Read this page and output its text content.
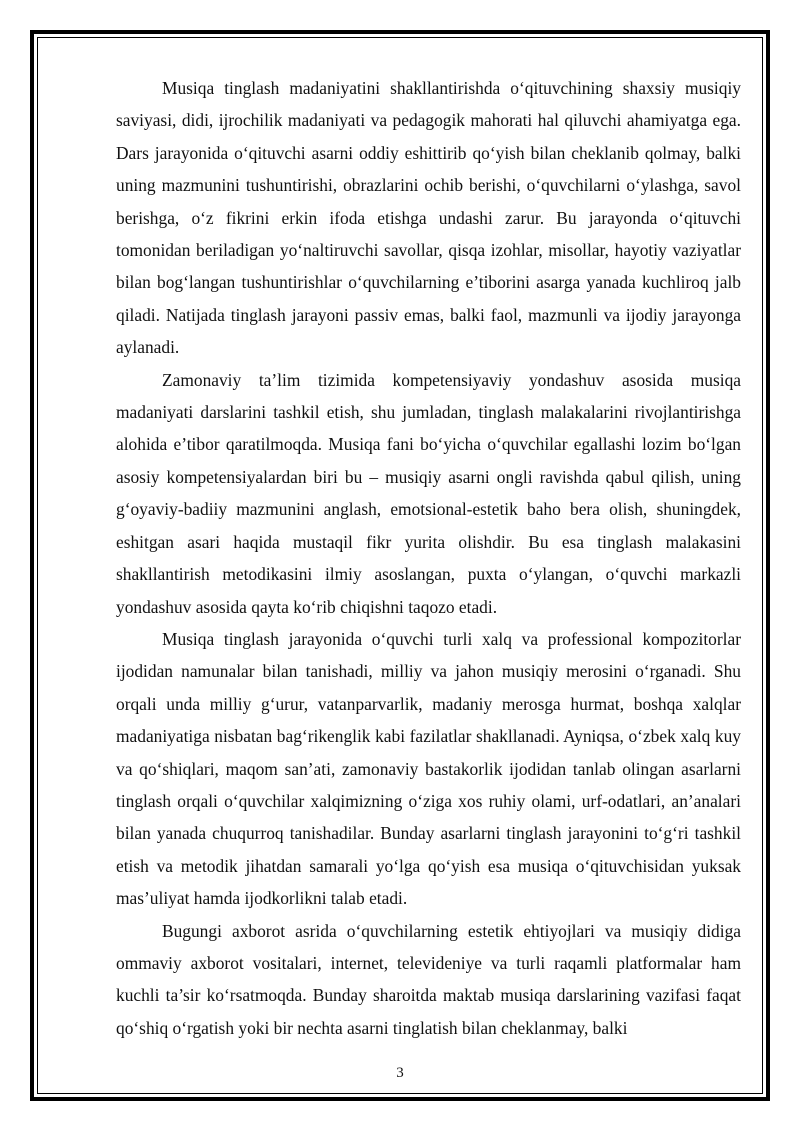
Musiqa tinglash madaniyatini shakllantirishda oʻqituvchining shaxsiy musiqiy saviyasi, didi, ijrochilik madaniyati va pedagogik mahorati hal qiluvchi ahamiyatga ega. Dars jarayonida oʻqituvchi asarni oddiy eshittirib qoʻyish bilan cheklanib qolmay, balki uning mazmunini tushuntirishi, obrazlarini ochib berishi, oʻquvchilarni oʻylashga, savol berishga, oʻz fikrini erkin ifoda etishga undashi zarur. Bu jarayonda oʻqituvchi tomonidan beriladigan yoʻnaltiruvchi savollar, qisqa izohlar, misollar, hayotiy vaziyatlar bilan bogʻlangan tushuntirishlar oʻquvchilarning e’tiborini asarga yanada kuchliroq jalb qiladi. Natijada tinglash jarayoni passiv emas, balki faol, mazmunli va ijodiy jarayonga aylanadi.

Zamonaviy ta’lim tizimida kompetensiyaviy yondashuv asosida musiqa madaniyati darslarini tashkil etish, shu jumladan, tinglash malakalarini rivojlantirishga alohida e’tibor qaratilmoqda. Musiqa fani boʻyicha oʻquvchilar egallashi lozim boʻlgan asosiy kompetensiyalardan biri bu – musiqiy asarni ongli ravishda qabul qilish, uning gʻoyaviy-badiiy mazmunini anglash, emotsional-estetik baho bera olish, shuningdek, eshitgan asari haqida mustaqil fikr yurita olishdir. Bu esa tinglash malakasini shakllantirish metodikasini ilmiy asoslangan, puxta oʻylangan, oʻquvchi markazli yondashuv asosida qayta koʻrib chiqishni taqozo etadi.

Musiqa tinglash jarayonida oʻquvchi turli xalq va professional kompozitorlar ijodidan namunalar bilan tanishadi, milliy va jahon musiqiy merosini oʻrganadi. Shu orqali unda milliy gʻurur, vatanparvarlik, madaniy merosga hurmat, boshqa xalqlar madaniyatiga nisbatan bagʻrikenglik kabi fazilatlar shakllanadi. Ayniqsa, oʻzbek xalq kuy va qoʻshiqlari, maqom san’ati, zamonaviy bastakorlik ijodidan tanlab olingan asarlarni tinglash orqali oʻquvchilar xalqimizning oʻziga xos ruhiy olami, urf-odatlari, an’analari bilan yanada chuqurroq tanishadilar. Bunday asarlarni tinglash jarayonini toʻgʻri tashkil etish va metodik jihatdan samarali yoʻlga qoʻyish esa musiqa oʻqituvchisidan yuksak mas’uliyat hamda ijodkorlikni talab etadi.

Bugungi axborot asrida oʻquvchilarning estetik ehtiyojlari va musiqiy didiga ommaviy axborot vositalari, internet, televideniye va turli raqamli platformalar ham kuchli ta’sir koʻrsatmoqda. Bunday sharoitda maktab musiqa darslarining vazifasi faqat qoʻshiq oʻrgatish yoki bir nechta asarni tinglatish bilan cheklanmay, balki

3
